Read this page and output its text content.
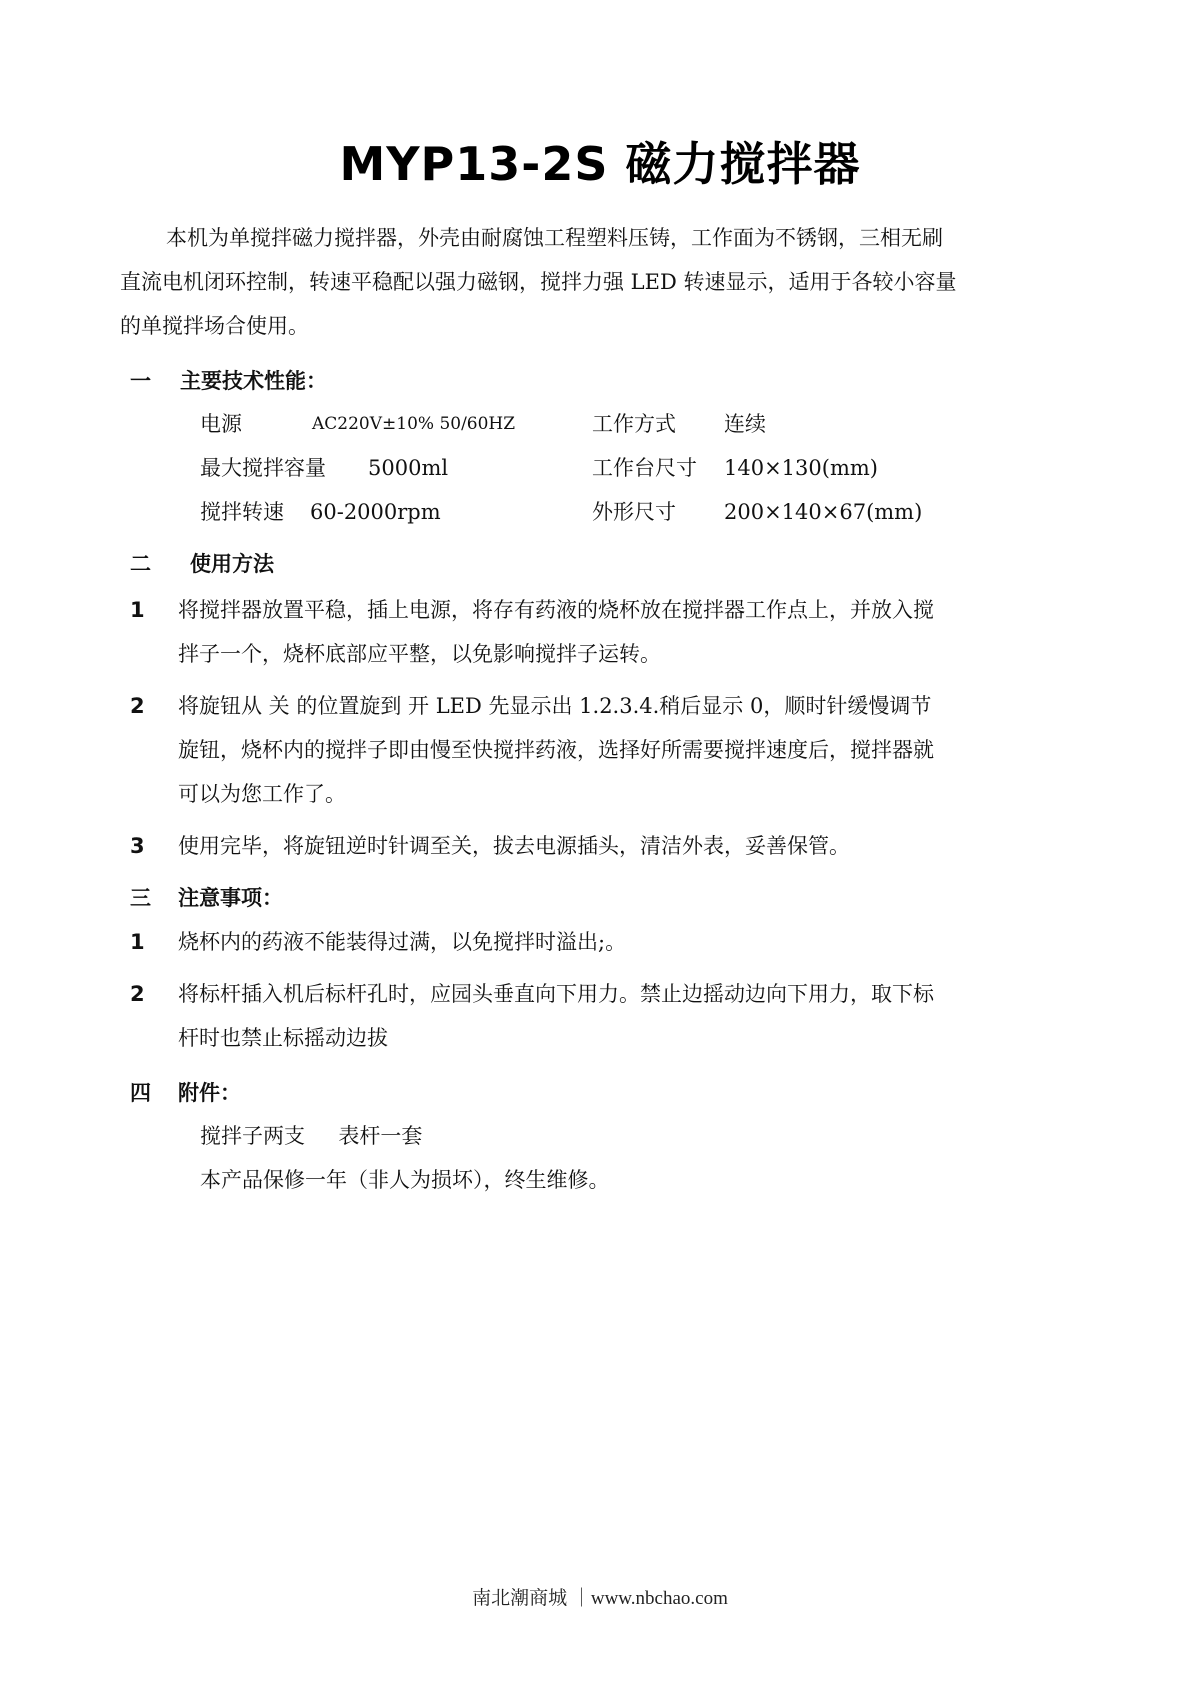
MYP13-2S 磁力搅拌器
本机为单搅拌磁力搅拌器，外壳由耐腐蚀工程塑料压铸，工作面为不锈钢，三相无刷
直流电机闭环控制，转速平稳配以强力磁钢，搅拌力强 LED 转速显示，适用于各较小容量
的单搅拌场合使用。
一 主要技术性能：
电源	AC220V±10% 50/60HZ	工作方式 连续
最大搅拌容量 5000ml	工作台尺寸 140×130(mm)
搅拌转速 60-2000rpm	外形尺寸 200×140×67(mm)
二 使用方法
1 将搅拌器放置平稳，插上电源，将存有药液的烧杯放在搅拌器工作点上，并放入搅
拌子一个，烧杯底部应平整，以免影响搅拌子运转。
2 将旋钮从 关 的位置旋到 开 LED 先显示出 1.2.3.4.稍后显示 0，顺时针缓慢调节
旋钮，烧杯内的搅拌子即由慢至快搅拌药液，选择好所需要搅拌速度后，搅拌器就
可以为您工作了。
3 使用完毕，将旋钮逆时针调至关，拔去电源插头，清洁外表，妥善保管。
三 注意事项：
1 烧杯内的药液不能装得过满，以免搅拌时溢出;。
2 将标杆插入机后标杆孔时，应园头垂直向下用力。禁止边摇动边向下用力，取下标
杆时也禁止标摇动边拔
四 附件：
搅拌子两支     表杆一套
本产品保修一年（非人为损坏），终生维修。
南北潮商城 ｜www.nbchao.com
